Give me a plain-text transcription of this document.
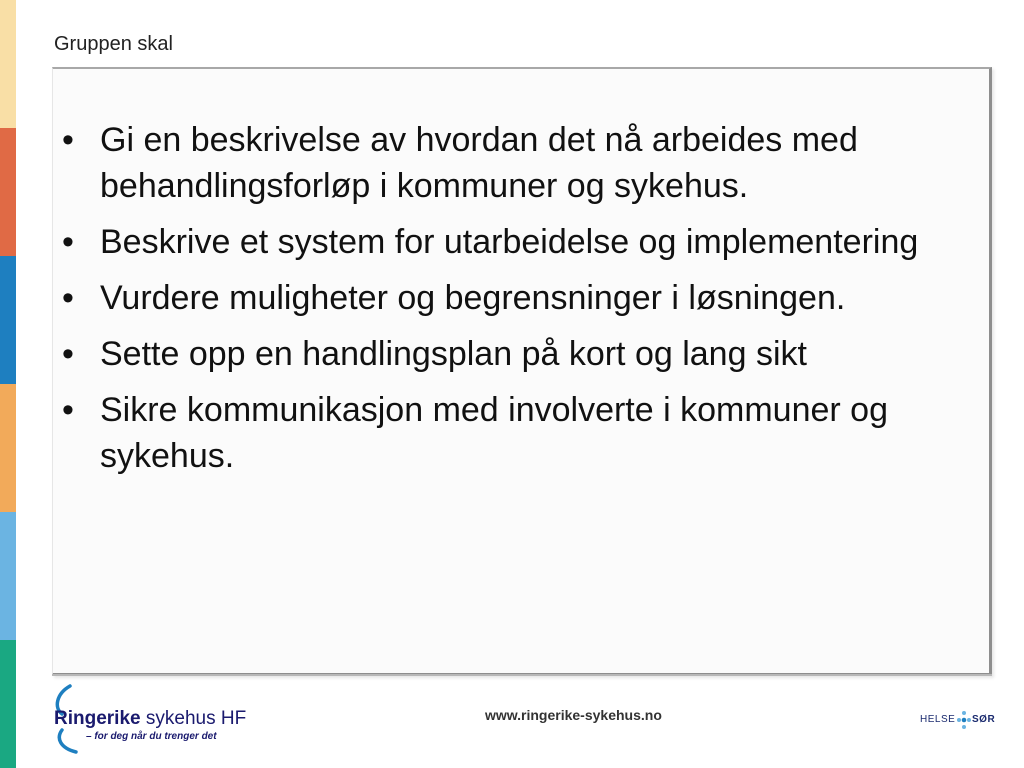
Gruppen skal
• Gi en beskrivelse av hvordan det nå arbeides med behandlingsforløp i kommuner og sykehus.
• Beskrive et system for utarbeidelse og implementering
• Vurdere muligheter og begrensninger i løsningen.
• Sette opp en handlingsplan på kort og lang sikt
• Sikre kommunikasjon med involverte i kommuner og sykehus.
Ringerike sykehus HF
– for deg når du trenger det
www.ringerike-sykehus.no	HELSE SØR
